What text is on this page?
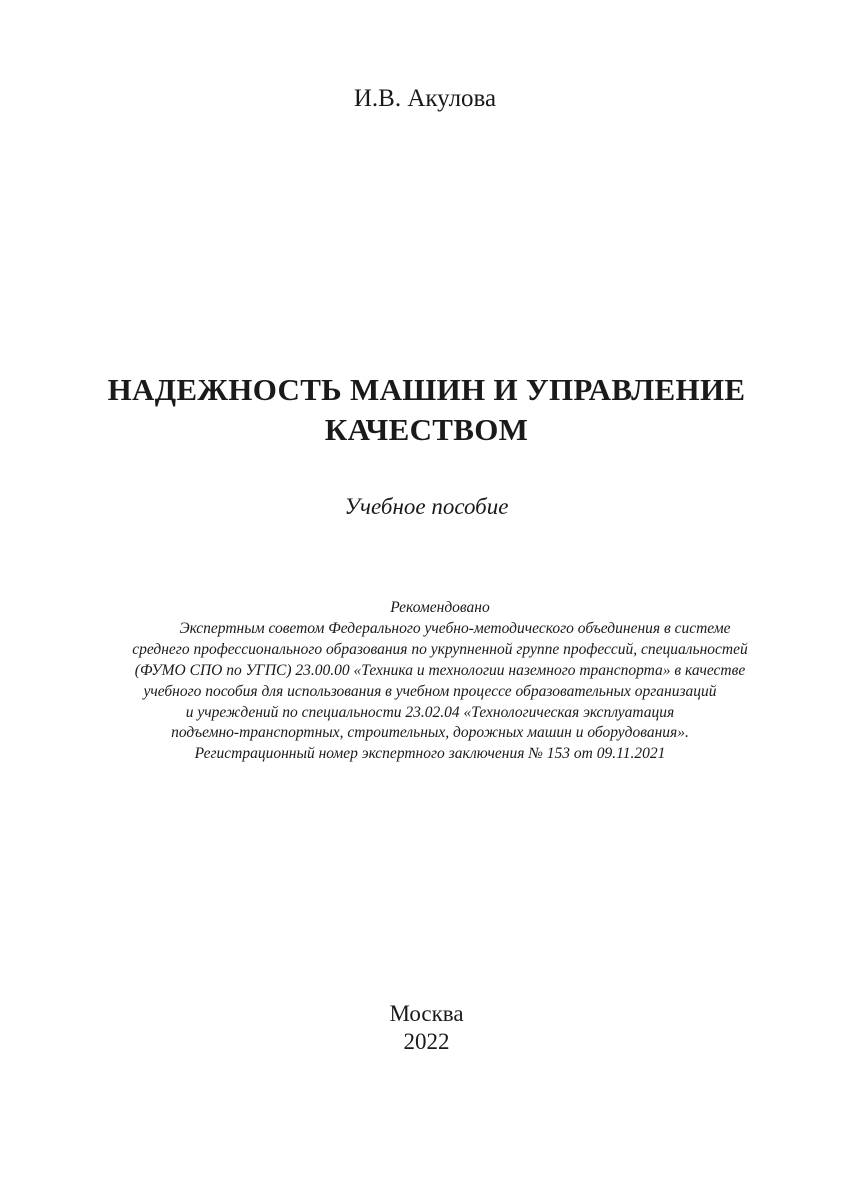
И.В. Акулова
НАДЕЖНОСТЬ МАШИН И УПРАВЛЕНИЕ
КАЧЕСТВОМ
Учебное пособие
Рекомендовано
Экспертным советом Федерального учебно-методического объединения в системе
среднего профессионального образования по укрупненной группе профессий, специальностей
(ФУМО СПО по УГПС) 23.00.00 «Техника и технологии наземного транспорта» в качестве
учебного пособия для использования в учебном процессе образовательных организаций
и учреждений по специальности 23.02.04 «Технологическая эксплуатация
подъемно-транспортных, строительных, дорожных машин и оборудования».
Регистрационный номер экспертного заключения № 153 от 09.11.2021
Москва
2022
